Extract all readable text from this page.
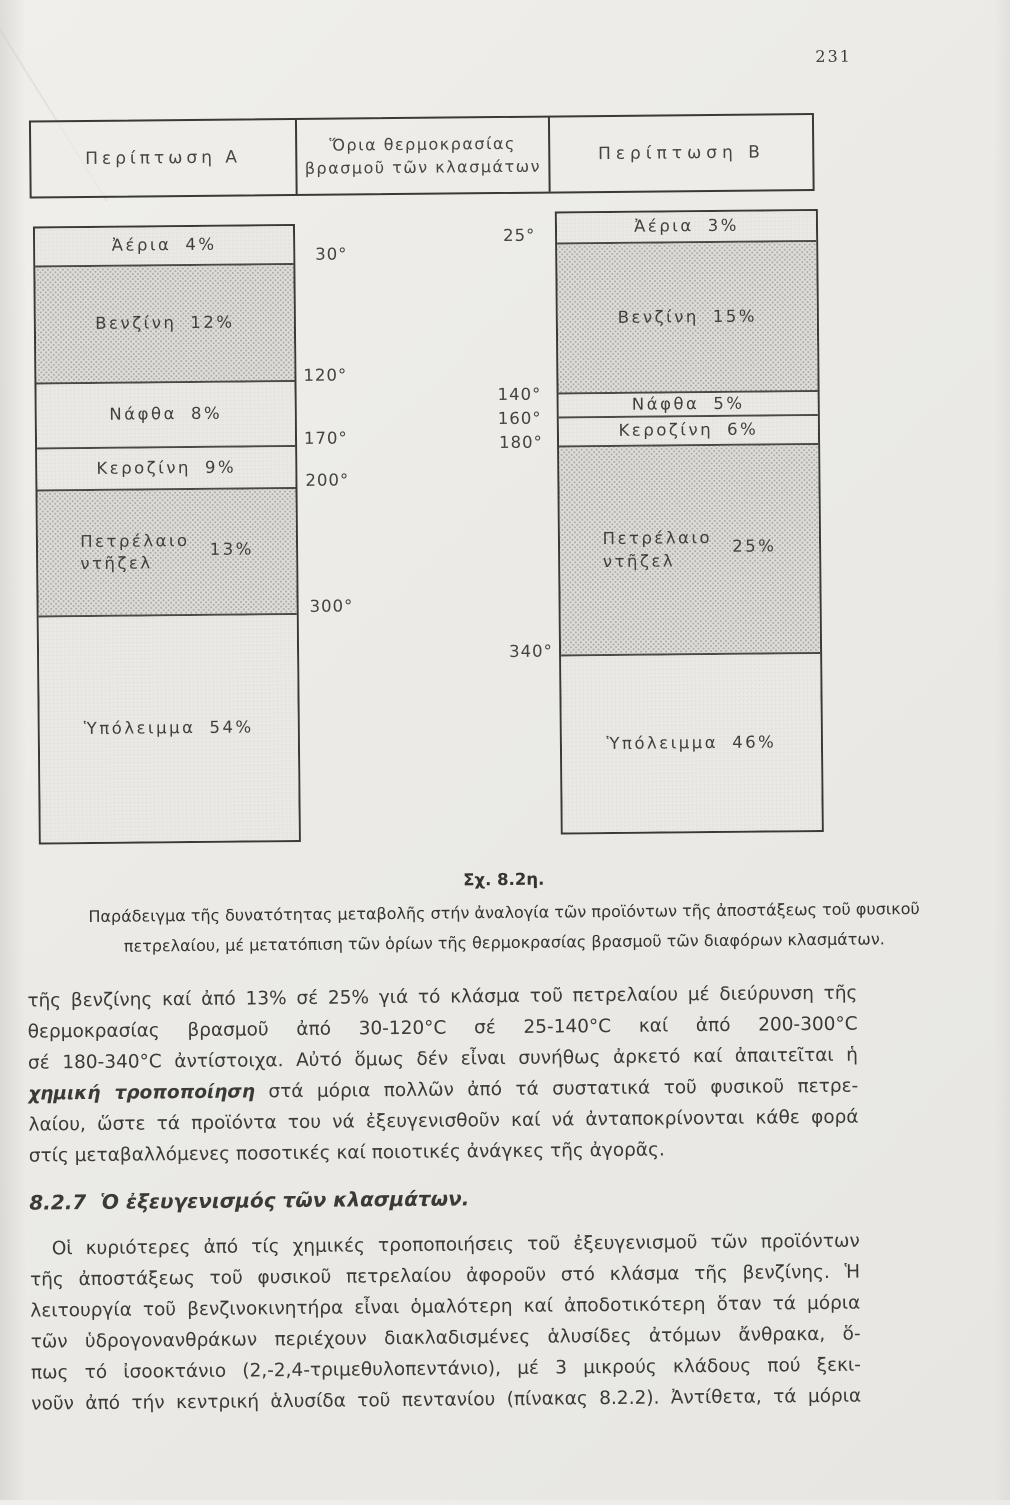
231
Περίπτωση Α
Ὅρια θερμοκρασίας
βρασμοῦ τῶν κλασμάτων
Περίπτωση Β
Ἀέρια 4%
Βενζίνη 12%
Νάφθα 8%
Κεροζίνη 9%
Πετρέλαιο
ντῆζελ
13%
Ὑπόλειμμα 54%
Ἀέρια 3%
Βενζίνη 15%
Νάφθα 5%
Κεροζίνη 6%
Πετρέλαιο
ντῆζελ
25%
Ὑπόλειμμα 46%
30°
120°
170°
200°
300°
25°
140°
160°
180°
340°
Σχ. 8.2η.
Παράδειγμα τῆς δυνατότητας μεταβολῆς στήν ἀναλογία τῶν προϊόντων τῆς ἀποστάξεως τοῦ φυσικοῦ
πετρελαίου, μέ μετατόπιση τῶν ὁρίων τῆς θερμοκρασίας βρασμοῦ τῶν διαφόρων κλασμάτων.
τῆς βενζίνης καί ἀπό 13% σέ 25% γιά τό κλάσμα τοῦ πετρελαίου μέ διεύρυνση τῆς
θερμοκρασίας βρασμοῦ ἀπό 30-120°C σέ 25-140°C καί ἀπό 200-300°C
σέ 180-340°C ἀντίστοιχα. Αὐτό ὅμως δέν εἶναι συνήθως ἀρκετό καί ἀπαιτεῖται ἡ
χημική τροποποίηση στά μόρια πολλῶν ἀπό τά συστατικά τοῦ φυσικοῦ πετρε-
λαίου, ὥστε τά προϊόντα του νά ἐξευγενισθοῦν καί νά ἀνταποκρίνονται κάθε φορά
στίς μεταβαλλόμενες ποσοτικές καί ποιοτικές ἀνάγκες τῆς ἀγορᾶς.
8.2.7 Ὁ ἐξευγενισμός τῶν κλασμάτων.
Οἱ κυριότερες ἀπό τίς χημικές τροποποιήσεις τοῦ ἐξευγενισμοῦ τῶν προϊόντων
τῆς ἀποστάξεως τοῦ φυσικοῦ πετρελαίου ἀφοροῦν στό κλάσμα τῆς βενζίνης. Ἡ
λειτουργία τοῦ βενζινοκινητήρα εἶναι ὁμαλότερη καί ἀποδοτικότερη ὅταν τά μόρια
τῶν ὑδρογονανθράκων περιέχουν διακλαδισμένες ἁλυσίδες ἀτόμων ἄνθρακα, ὅ-
πως τό ἰσοοκτάνιο (2,-2,4-τριμεθυλοπεντάνιο), μέ 3 μικρούς κλάδους πού ξεκι-
νοῦν ἀπό τήν κεντρική ἁλυσίδα τοῦ πεντανίου (πίνακας 8.2.2). Ἀντίθετα, τά μόρια
